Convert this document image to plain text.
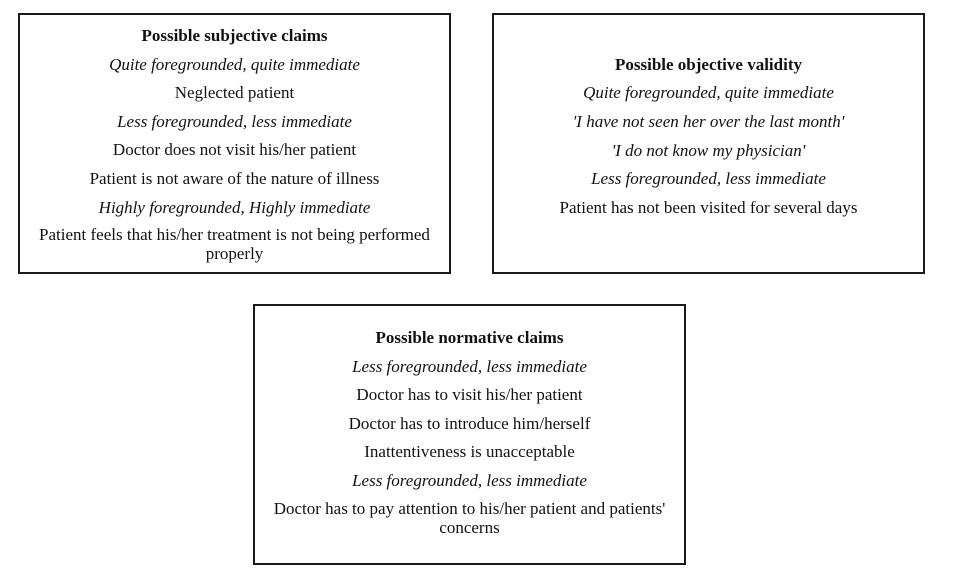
Possible subjective claims
Quite foregrounded, quite immediate
Neglected patient
Less foregrounded, less immediate
Doctor does not visit his/her patient
Patient is not aware of the nature of illness
Highly foregrounded, Highly immediate
Patient feels that his/her treatment is not being performed properly
Possible objective validity
Quite foregrounded, quite immediate
'I have not seen her over the last month'
'I do not know my physician'
Less foregrounded, less immediate
Patient has not been visited for several days
Possible normative claims
Less foregrounded, less immediate
Doctor has to visit his/her patient
Doctor has to introduce him/herself
Inattentiveness is unacceptable
Less foregrounded, less immediate
Doctor has to pay attention to his/her patient and patients' concerns
